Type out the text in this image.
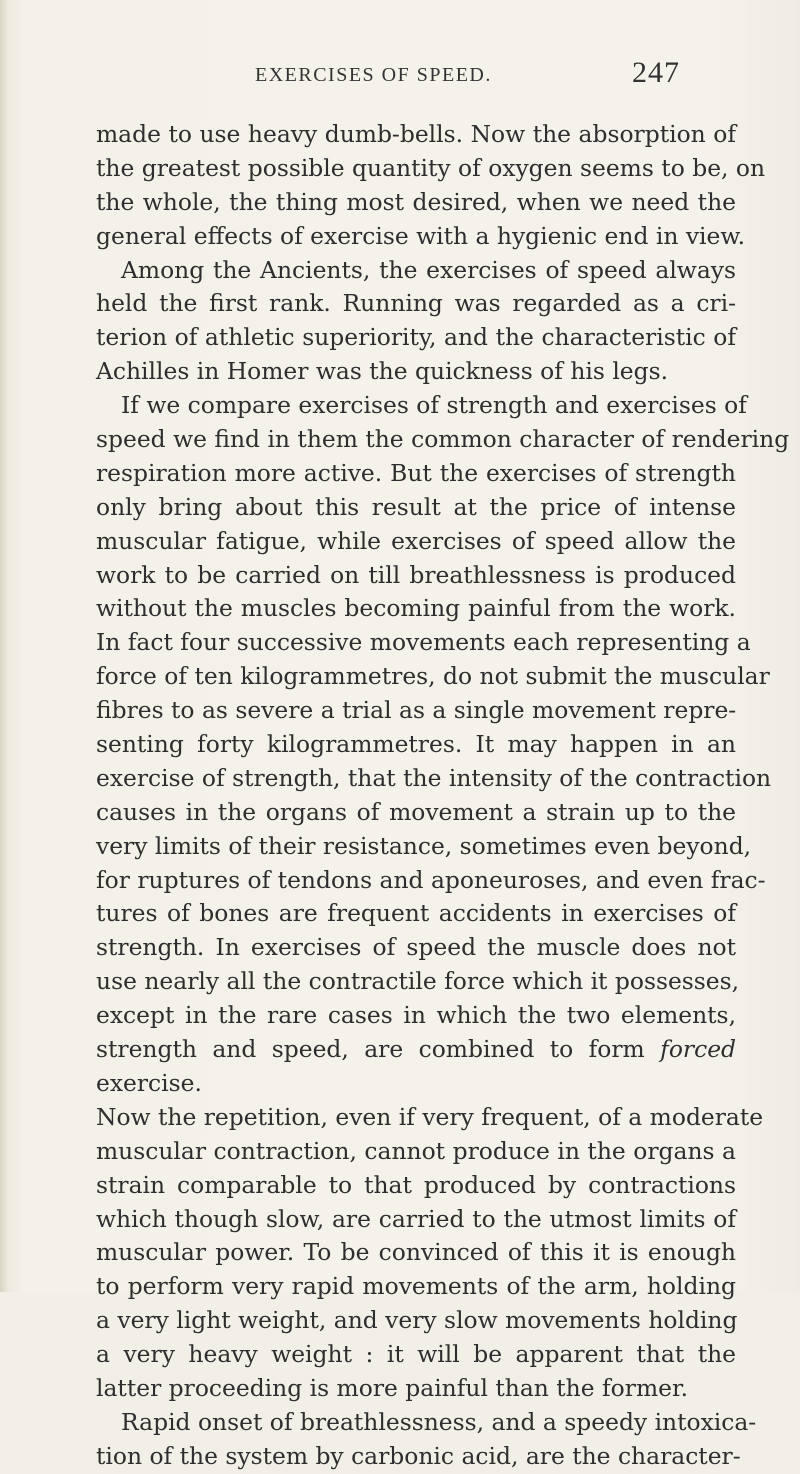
EXERCISES OF SPEED.	247
made to use heavy dumb-bells. Now the absorption of
the greatest possible quantity of oxygen seems to be, on
the whole, the thing most desired, when we need the
general effects of exercise with a hygienic end in view.
Among the Ancients, the exercises of speed always
held the first rank. Running was regarded as a cri-
terion of athletic superiority, and the characteristic of
Achilles in Homer was the quickness of his legs.
If we compare exercises of strength and exercises of
speed we find in them the common character of rendering
respiration more active. But the exercises of strength
only bring about this result at the price of intense
muscular fatigue, while exercises of speed allow the
work to be carried on till breathlessness is produced
without the muscles becoming painful from the work.
In fact four successive movements each representing a
force of ten kilogrammetres, do not submit the muscular
fibres to as severe a trial as a single movement repre-
senting forty kilogrammetres. It may happen in an
exercise of strength, that the intensity of the contraction
causes in the organs of movement a strain up to the
very limits of their resistance, sometimes even beyond,
for ruptures of tendons and aponeuroses, and even frac-
tures of bones are frequent accidents in exercises of
strength. In exercises of speed the muscle does not
use nearly all the contractile force which it possesses,
except in the rare cases in which the two elements,
strength and speed, are combined to form forced
exercise.
Now the repetition, even if very frequent, of a moderate
muscular contraction, cannot produce in the organs a
strain comparable to that produced by contractions
which though slow, are carried to the utmost limits of
muscular power. To be convinced of this it is enough
to perform very rapid movements of the arm, holding
a very light weight, and very slow movements holding
a very heavy weight : it will be apparent that the
latter proceeding is more painful than the former.
Rapid onset of breathlessness, and a speedy intoxica-
tion of the system by carbonic acid, are the character-
